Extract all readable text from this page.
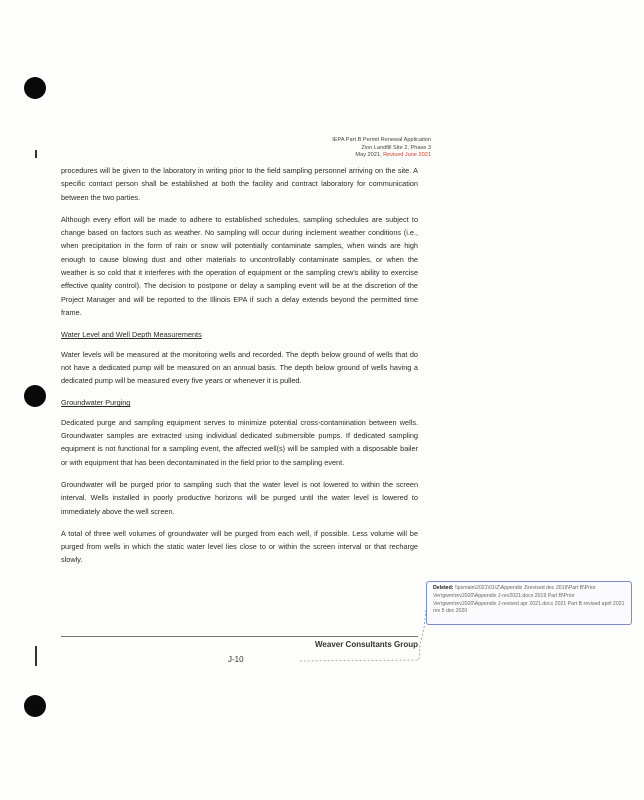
IEPA Part B Permit Renewal Application
Zion Landfill Site 2, Phase 3
May 2021, Revised June 2021

procedures will be given to the laboratory in writing prior to the field sampling personnel arriving on the site. A specific contact person shall be established at both the facility and contract laboratory for communication between the two parties.

Although every effort will be made to adhere to established schedules, sampling schedules are subject to change based on factors such as weather. No sampling will occur during inclement weather conditions (i.e., when precipitation in the form of rain or snow will potentially contaminate samples, when winds are high enough to cause blowing dust and other materials to uncontrollably contaminate samples, or when the weather is so cold that it interferes with the operation of equipment or the sampling crew's ability to exercise effective quality control). The decision to postpone or delay a sampling event will be at the discretion of the Project Manager and will be reported to the Illinois EPA if such a delay extends beyond the permitted time frame.

Water Level and Well Depth Measurements

Water levels will be measured at the monitoring wells and recorded. The depth below ground of wells that do not have a dedicated pump will be measured on an annual basis. The depth below ground of wells having a dedicated pump will be measured every five years or whenever it is pulled.

Groundwater Purging

Dedicated purge and sampling equipment serves to minimize potential cross-contamination between wells. Groundwater samples are extracted using individual dedicated submersible pumps. If dedicated sampling equipment is not functional for a sampling event, the affected well(s) will be sampled with a disposable bailer or with equipment that has been decontaminated in the field prior to the sampling event.

Groundwater will be purged prior to sampling such that the water level is not lowered to within the screen interval. Wells installed in poorly productive horizons will be purged until the water level is lowered to immediately above the well screen.

A total of three well volumes of groundwater will be purged from each well, if possible. Less volume will be purged from wells in which the static water level lies close to or within the screen interval or that recharge slowly.

Deleted: \\psmain\2021\01\Z\Appendix J\revised dec 2019\Part B\Prior Ver\gwm\rev2020\Appendix J-rev2021.docx 2019 Part B\Prior Ver\gwm\rev2020\Appendix J-revised apr 2021.docx 2021 Part B revised april 2021 rev 5 dec 2020
Weaver Consultants Group
J-10
